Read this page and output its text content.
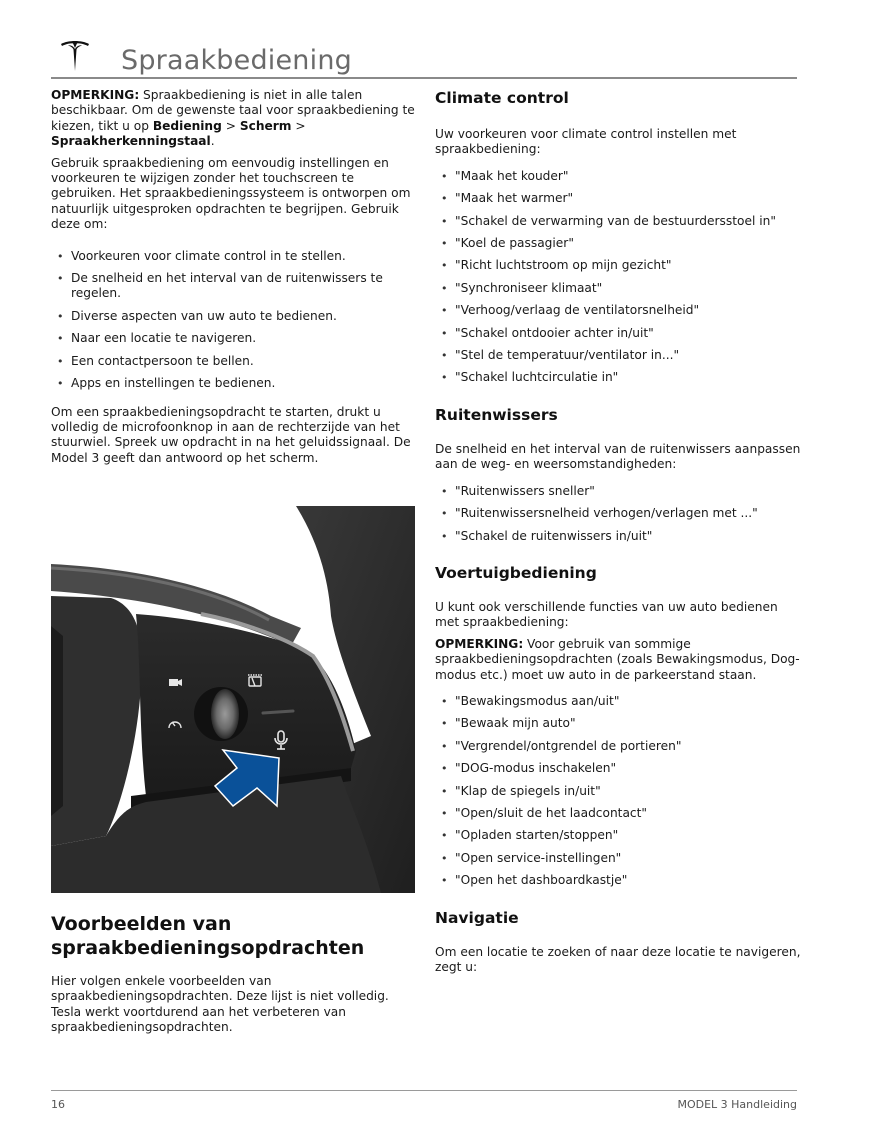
Spraakbediening

OPMERKING: Spraakbediening is niet in alle talen beschikbaar. Om de gewenste taal voor spraakbediening te kiezen, tikt u op Bediening > Scherm > Spraakherkenningstaal.

Gebruik spraakbediening om eenvoudig instellingen en voorkeuren te wijzigen zonder het touchscreen te gebruiken. Het spraakbedieningssysteem is ontworpen om natuurlijk uitgesproken opdrachten te begrijpen. Gebruik deze om:

• Voorkeuren voor climate control in te stellen.
• De snelheid en het interval van de ruitenwissers te regelen.
• Diverse aspecten van uw auto te bedienen.
• Naar een locatie te navigeren.
• Een contactpersoon te bellen.
• Apps en instellingen te bedienen.

Om een spraakbedieningsopdracht te starten, drukt u volledig de microfoonknop in aan de rechterzijde van het stuurwiel. Spreek uw opdracht in na het geluidssignaal. De Model 3 geeft dan antwoord op het scherm.

Voorbeelden van spraakbedieningsopdrachten

Hier volgen enkele voorbeelden van spraakbedieningsopdrachten. Deze lijst is niet volledig. Tesla werkt voortdurend aan het verbeteren van spraakbedieningsopdrachten.

Climate control

Uw voorkeuren voor climate control instellen met spraakbediening:

• "Maak het kouder"
• "Maak het warmer"
• "Schakel de verwarming van de bestuurdersstoel in"
• "Koel de passagier"
• "Richt luchtstroom op mijn gezicht"
• "Synchroniseer klimaat"
• "Verhoog/verlaag de ventilatorsnelheid"
• "Schakel ontdooier achter in/uit"
• "Stel de temperatuur/ventilator in..."
• "Schakel luchtcirculatie in"
Ruitenwissers

De snelheid en het interval van de ruitenwissers aanpassen aan de weg- en weersomstandigheden:

• "Ruitenwissers sneller"
• "Ruitenwissersnelheid verhogen/verlagen met ..."
• "Schakel de ruitenwissers in/uit"
Voertuigbediening

U kunt ook verschillende functies van uw auto bedienen met spraakbediening:

OPMERKING: Voor gebruik van sommige spraakbedieningsopdrachten (zoals Bewakingsmodus, Dog-modus etc.) moet uw auto in de parkeerstand staan.

• "Bewakingsmodus aan/uit"
• "Bewaak mijn auto"
• "Vergrendel/ontgrendel de portieren"
• "DOG-modus inschakelen"
• "Klap de spiegels in/uit"
• "Open/sluit de het laadcontact"
• "Opladen starten/stoppen"
• "Open service-instellingen"
• "Open het dashboardkastje"
Navigatie

Om een locatie te zoeken of naar deze locatie te navigeren, zegt u:

16	MODEL 3 Handleiding
